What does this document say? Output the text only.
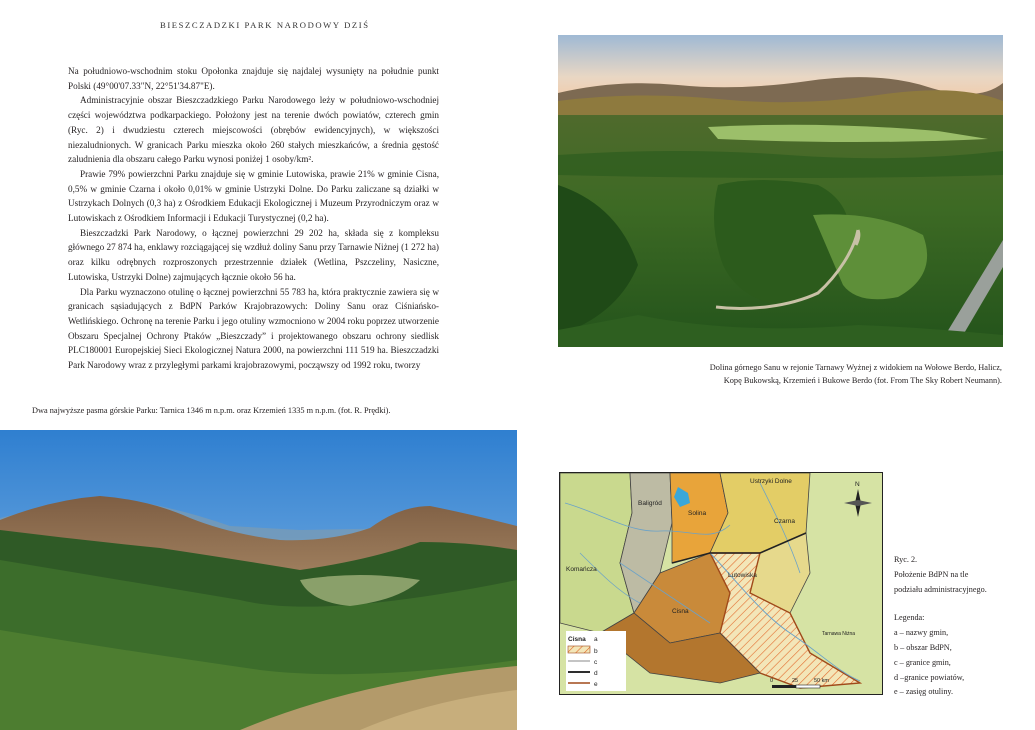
BIESZCZADZKI PARK NARODOWY DZIŚ

Na południowo-wschodnim stoku Opołonka znajduje się najdalej wysunięty na południe punkt Polski (49°00'07.33"N, 22°51'34.87"E).

Administracyjnie obszar Bieszczadzkiego Parku Narodowego leży w południowo-wschodniej części województwa podkarpackiego. Położony jest na terenie dwóch powiatów, czterech gmin (Ryc. 2) i dwudziestu czterech miejscowości (obrębów ewidencyjnych), w większości niezaludnionych. W granicach Parku mieszka około 260 stałych mieszkańców, a średnia gęstość zaludnienia dla obszaru całego Parku wynosi poniżej 1 osoby/km².

Prawie 79% powierzchni Parku znajduje się w gminie Lutowiska, prawie 21% w gminie Cisna, 0,5% w gminie Czarna i około 0,01% w gminie Ustrzyki Dolne. Do Parku zaliczane są działki w Ustrzykach Dolnych (0,3 ha) z Ośrodkiem Edukacji Ekologicznej i Muzeum Przyrodniczym oraz w Lutowiskach z Ośrodkiem Informacji i Edukacji Turystycznej (0,2 ha).

Bieszczadzki Park Narodowy, o łącznej powierzchni 29 202 ha, składa się z kompleksu głównego 27 874 ha, enklawy rozciągającej się wzdłuż doliny Sanu przy Tarnawie Niżnej (1 272 ha) oraz kilku odrębnych rozproszonych przestrzennie działek (Wetlina, Pszczeliny, Nasiczne, Lutowiska, Ustrzyki Dolne) zajmujących łącznie około 56 ha.

Dla Parku wyznaczono otulinę o łącznej powierzchni 55 783 ha, która praktycznie zawiera się w granicach sąsiadujących z BdPN Parków Krajobrazowych: Doliny Sanu oraz Ciśniańsko-Wetlińskiego. Ochronę na terenie Parku i jego otuliny wzmocniono w 2004 roku poprzez utworzenie Obszaru Specjalnej Ochrony Ptaków „Bieszczady” i projektowanego obszaru ochrony siedlisk PLC180001 Europejskiej Sieci Ekologicznej Natura 2000, na powierzchni 111 519 ha. Bieszczadzki Park Narodowy wraz z przyległymi parkami krajobrazowymi, począwszy od 1992 roku, tworzy	Dolina górnego Sanu w rejonie Tarnawy Wyżnej z widokiem na Wołowe Berdo, Halicz,
Kopę Bukowską, Krzemień i Bukowe Berdo (fot. From The Sky Robert Neumann).
Dwa najwyższe pasma górskie Parku: Tarnica 1346 m n.p.m. oraz Krzemień 1335 m n.p.m. (fot. R. Prędki).
Ustrzyki Dolne
Baligród
Solina
Czarna
Komańcza
Cisna
Lutowiska
Tarnawa Niżna
N
Cisna a
b
c
d
e	0	25	50 km
Ryc. 2.
Położenie BdPN na tle
podziału administracyjnego.
Legenda:
a – nazwy gmin,
b – obszar BdPN,
c – granice gmin,
d –granice powiatów,
e – zasięg otuliny.
